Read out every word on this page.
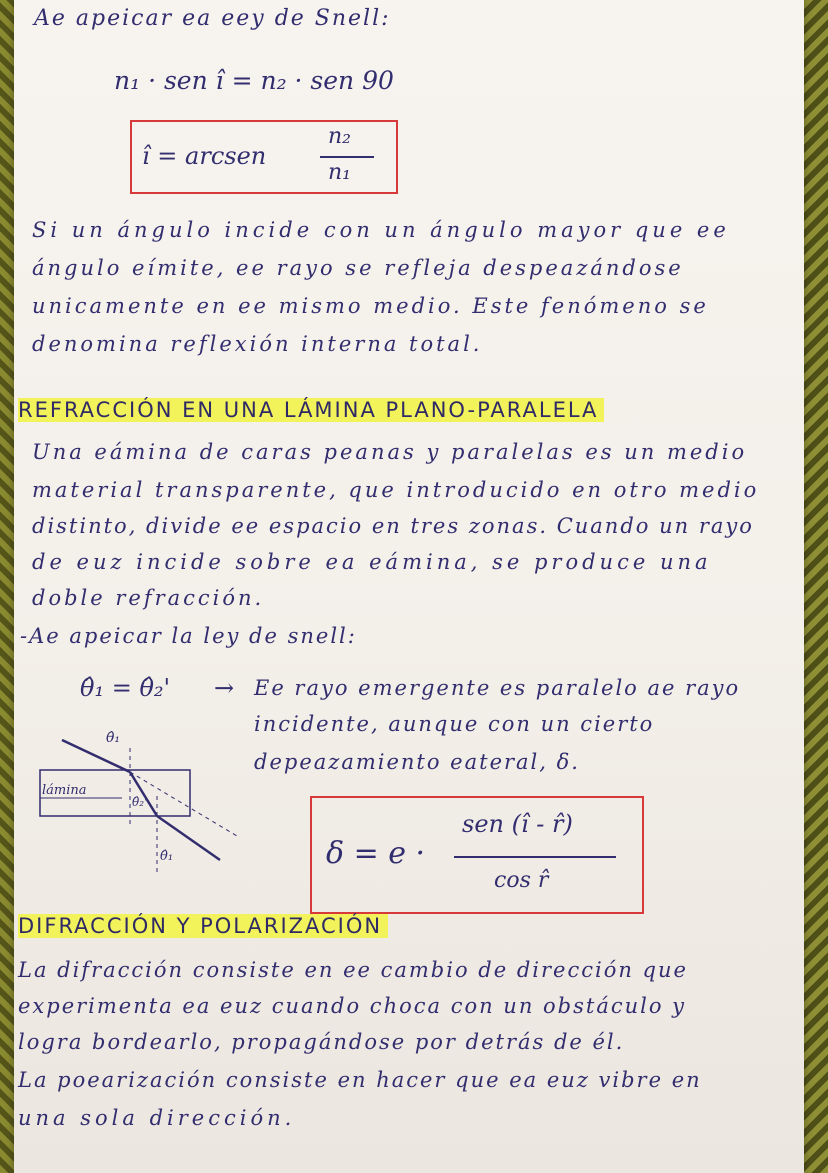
Ae apeicar ea eey de Snell:
n₁ · sen î = n₂ · sen 90
î = arcsen
n₂
n₁
Si un ángulo incide con un ángulo mayor que ee
ángulo eímite, ee rayo se refleja despeazándose
unicamente en ee mismo medio. Este fenómeno se
denomina reflexión interna total.
REFRACCIÓN EN UNA LÁMINA PLANO-PARALELA
Una eámina de caras peanas y paralelas es un medio
material transparente, que introducido en otro medio
distinto, divide ee espacio en tres zonas. Cuando un rayo
de euz incide sobre ea eámina, se produce una
doble refracción.
-Ae apeicar la ley de snell:
θ̂₁ = θ̂₂' → Ee rayo emergente es paralelo ae rayo
incidente, aunque con un cierto
depeazamiento eateral, δ.
lámina
θ̂₁
θ̂₂'
θ̂₁	δ = e ·
sen (î - r̂)
cos r̂
DIFRACCIÓN Y POLARIZACIÓN
La difracción consiste en ee cambio de dirección que
experimenta ea euz cuando choca con un obstáculo y
logra bordearlo, propagándose por detrás de él.
La poearización consiste en hacer que ea euz vibre en
una sola dirección.
